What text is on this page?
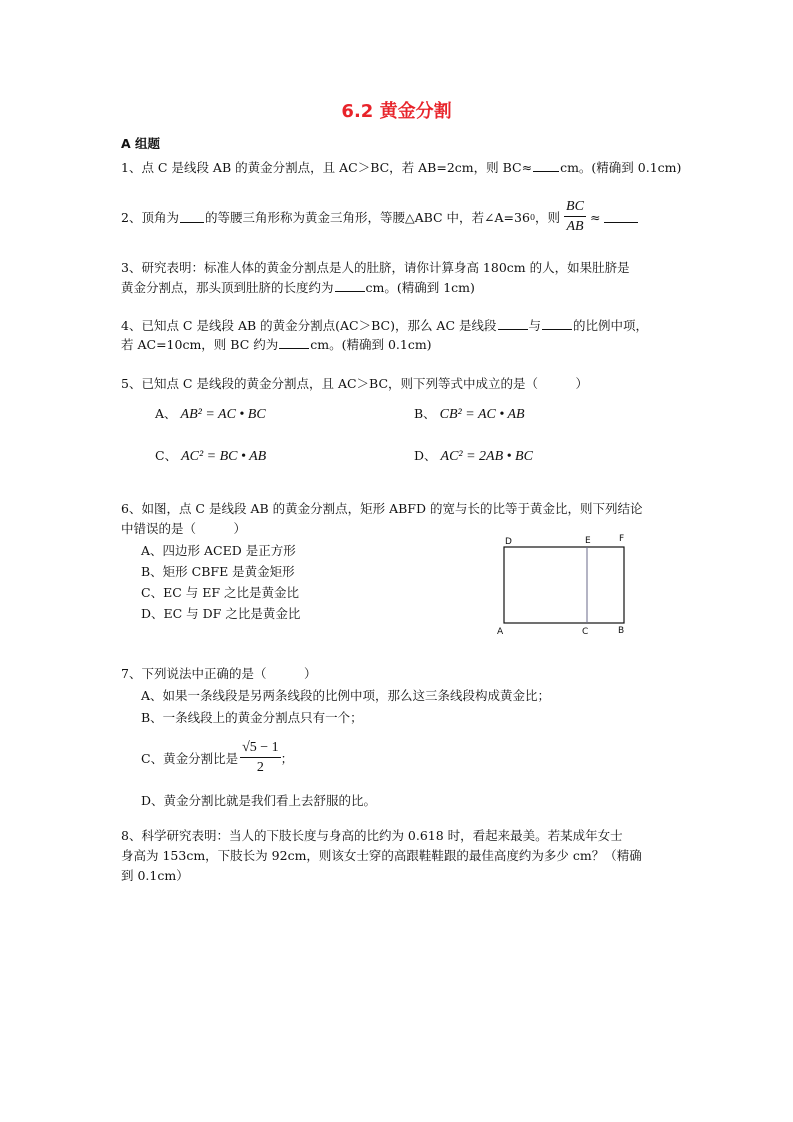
6.2 黄金分割
A 组题
1、点 C 是线段 AB 的黄金分割点，且 AC＞BC，若 AB=2cm，则 BC≈ cm。(精确到 0.1cm)
2、顶角为 的等腰三角形称为黄金三角形，等腰△ABC 中，若∠A=36 0 ，则 $\frac{BC}{AB}$ ≈
3、研究表明：标准人体的黄金分割点是人的肚脐，请你计算身高 180cm 的人，如果肚脐是
黄金分割点，那头顶到肚脐的长度约为	cm。(精确到 1cm)
4、已知点 C 是线段 AB 的黄金分割点(AC＞BC)，那么 AC 是线段	与	的比例中项，
若 AC=10cm，则 BC 约为	cm。(精确到 0.1cm)
5、已知点 C 是线段的黄金分割点，且 AC＞BC，则下列等式中成立的是（　　　）
A、 AB² = AC • BC	B、 CB² = AC • AB
C、 AC² = BC • AB	D、 AC² = 2AB • BC
6、如图，点 C 是线段 AB 的黄金分割点，矩形 ABFD 的宽与长的比等于黄金比，则下列结论
中错误的是（　　　）
A、四边形 ACED 是正方形
B、矩形 CBFE 是黄金矩形
C、EC 与 EF 之比是黄金比
D、EC 与 DF 之比是黄金比
D	E	F
A	C	B
7、下列说法中正确的是（　　　）
A、如果一条线段是另两条线段的比例中项，那么这三条线段构成黄金比；
B、一条线段上的黄金分割点只有一个；
C、黄金分割比是 $\frac{√5 - 1}{2}$ ；
D、黄金分割比就是我们看上去舒服的比。
8、科学研究表明：当人的下肢长度与身高的比约为 0.618 时，看起来最美。若某成年女士
身高为 153cm，下肢长为 92cm，则该女士穿的高跟鞋鞋跟的最佳高度约为多少 cm？（精确
到 0.1cm）
